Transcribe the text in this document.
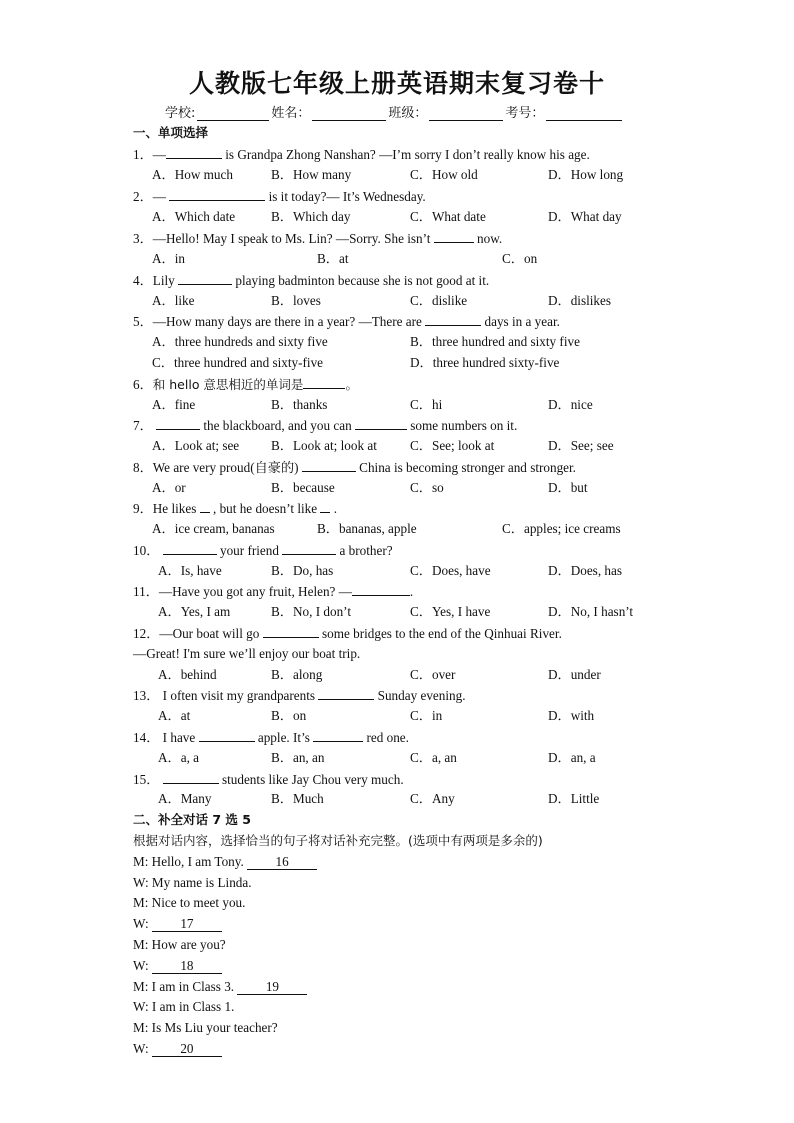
人教版七年级上册英语期末复习卷十
学校:	姓名：	班级：	考号：
一、单项选择
1．—	is Grandpa Zhong Nanshan? —I’m sorry I don’t really know his age.
A．How much	B．How many	C．How old	D．How long
2．—	is it today?— It’s Wednesday.
A．Which date	B．Which day	C．What date	D．What day
3．—Hello! May I speak to Ms. Lin? —Sorry. She isn’t	now.
A．in	B．at	C．on
4．Lily	playing badminton because she is not good at it.
A．like	B．loves	C．dislike	D．dislikes
5．—How many days are there in a year? —There are	days in a year.
A．three hundreds and sixty five	B．three hundred and sixty five
C．three hundred and sixty-five	D．three hundred sixty-five
6．和 hello 意思相近的单词是	。
A．fine	B．thanks	C．hi	D．nice
7．	the blackboard, and you can	some numbers on it.
A．Look at; see B．Look at; look at	C．See; look at	D．See; see
8．We are very proud(自豪的)	China is becoming stronger and stronger.
A．or	B．because	C．so	D．but
9．He likes  , but he doesn’t like  .
A．ice cream, bananas	B．bananas, apple	C．apples; ice creams
10．	your friend	a brother?
A．Is, have	B．Do, has	C．Does, have	D．Does, has
11．—Have you got any fruit, Helen? —	.
A．Yes, I am	B．No, I don’t	C．Yes, I have	D．No, I hasn’t
12．—Our boat will go	some bridges to the end of the Qinhuai River.
—Great! I'm sure we’ll enjoy our boat trip.
A．behind	B．along	C．over	D．under
13． I often visit my grandparents	Sunday evening.
A．at	B．on	C．in	D．with
14． I have	apple. It’s	red one.
A．a, a	B．an, an	C．a, an	D．an, a
15．	students like Jay Chou very much.
A．Many	B．Much	C．Any	D．Little
二、补全对话 7 选 5
根据对话内容，选择恰当的句子将对话补充完整。(选项中有两项是多余的)
M: Hello, I am Tony. 16
W: My name is Linda.
M: Nice to meet you.
W: 17
M: How are you?
W: 18
M: I am in Class 3. 19
W: I am in Class 1.
M: Is Ms Liu your teacher?
W: 20
